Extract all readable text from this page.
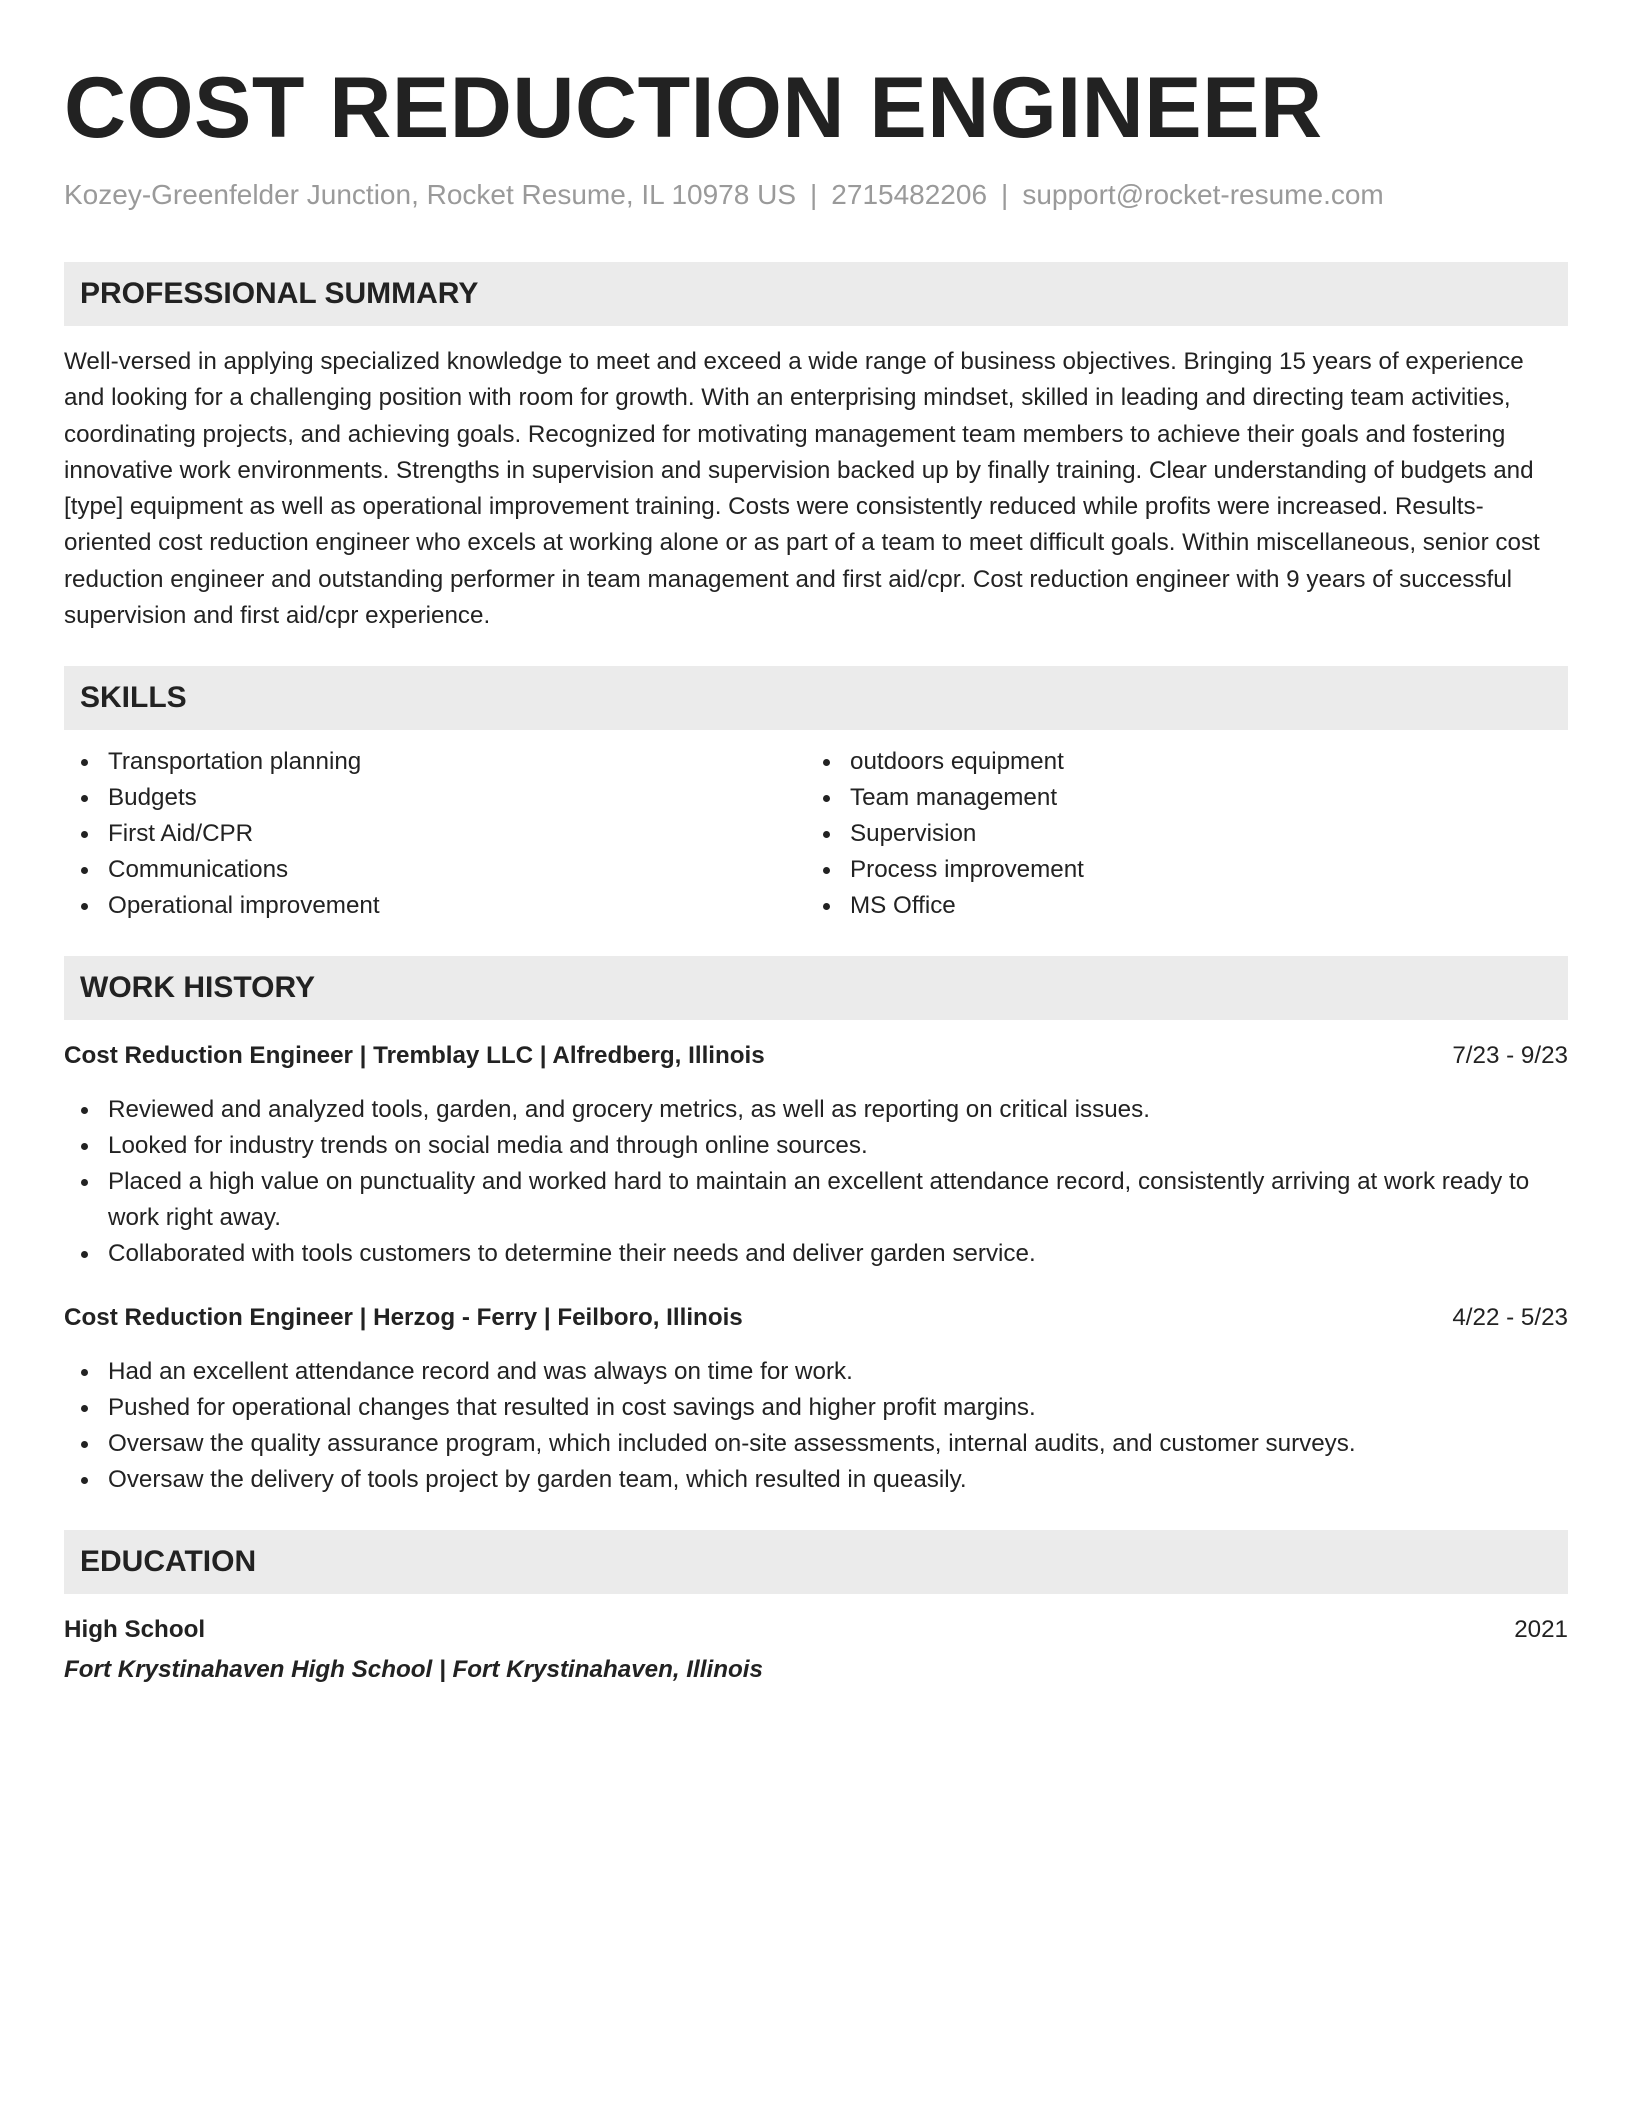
COST REDUCTION ENGINEER
Kozey-Greenfelder Junction, Rocket Resume, IL 10978 US | 2715482206 | support@rocket-resume.com
PROFESSIONAL SUMMARY

Well-versed in applying specialized knowledge to meet and exceed a wide range of business objectives. Bringing 15 years of experience and looking for a challenging position with room for growth. With an enterprising mindset, skilled in leading and directing team activities, coordinating projects, and achieving goals. Recognized for motivating management team members to achieve their goals and fostering innovative work environments. Strengths in supervision and supervision backed up by finally training. Clear understanding of budgets and [type] equipment as well as operational improvement training. Costs were consistently reduced while profits were increased. Results-oriented cost reduction engineer who excels at working alone or as part of a team to meet difficult goals. Within miscellaneous, senior cost reduction engineer and outstanding performer in team management and first aid/cpr. Cost reduction engineer with 9 years of successful supervision and first aid/cpr experience.

SKILLS
Transportation planning
Budgets
First Aid/CPR
Communications
Operational improvement
outdoors equipment
Team management
Supervision
Process improvement
MS Office
WORK HISTORY
Cost Reduction Engineer | Tremblay LLC | Alfredberg, Illinois	7/23 - 9/23
Reviewed and analyzed tools, garden, and grocery metrics, as well as reporting on critical issues.
Looked for industry trends on social media and through online sources.
Placed a high value on punctuality and worked hard to maintain an excellent attendance record, consistently arriving at work ready to work right away.
Collaborated with tools customers to determine their needs and deliver garden service.
Cost Reduction Engineer | Herzog - Ferry | Feilboro, Illinois	4/22 - 5/23
Had an excellent attendance record and was always on time for work.
Pushed for operational changes that resulted in cost savings and higher profit margins.
Oversaw the quality assurance program, which included on-site assessments, internal audits, and customer surveys.
Oversaw the delivery of tools project by garden team, which resulted in queasily.
EDUCATION
High School	2021
Fort Krystinahaven High School | Fort Krystinahaven, Illinois
